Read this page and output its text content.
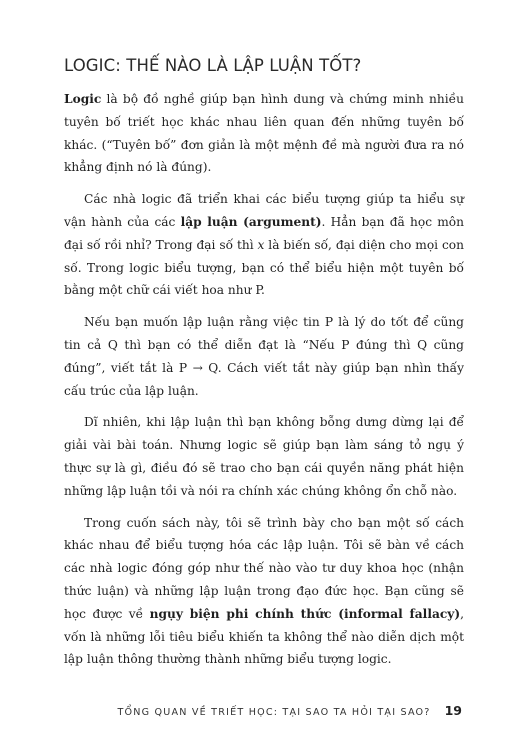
LOGIC: THẾ NÀO LÀ LẬP LUẬN TỐT?

Logic là bộ đồ nghề giúp bạn hình dung và chứng minh nhiều tuyên bố triết học khác nhau liên quan đến những tuyên bố khác. (“Tuyên bố” đơn giản là một mệnh đề mà người đưa ra nó khẳng định nó là đúng).

Các nhà logic đã triển khai các biểu tượng giúp ta hiểu sự vận hành của các lập luận (argument). Hẳn bạn đã học môn đại số rồi nhỉ? Trong đại số thì x là biến số, đại diện cho mọi con số. Trong logic biểu tượng, bạn có thể biểu hiện một tuyên bố bằng một chữ cái viết hoa như P.

Nếu bạn muốn lập luận rằng việc tin P là lý do tốt để cũng tin cả Q thì bạn có thể diễn đạt là “Nếu P đúng thì Q cũng đúng”, viết tắt là P → Q. Cách viết tắt này giúp bạn nhìn thấy cấu trúc của lập luận.

Dĩ nhiên, khi lập luận thì bạn không bỗng dưng dừng lại để giải vài bài toán. Nhưng logic sẽ giúp bạn làm sáng tỏ ngụ ý thực sự là gì, điều đó sẽ trao cho bạn cái quyền năng phát hiện những lập luận tồi và nói ra chính xác chúng không ổn chỗ nào.

Trong cuốn sách này, tôi sẽ trình bày cho bạn một số cách khác nhau để biểu tượng hóa các lập luận. Tôi sẽ bàn về cách các nhà logic đóng góp như thế nào vào tư duy khoa học (nhận thức luận) và những lập luận trong đạo đức học. Bạn cũng sẽ học được về ngụy biện phi chính thức (informal fallacy), vốn là những lỗi tiêu biểu khiến ta không thể nào diễn dịch một lập luận thông thường thành những biểu tượng logic.

TỔNG QUAN VỀ TRIẾT HỌC: TẠI SAO TA HỎI TẠI SAO? 19
